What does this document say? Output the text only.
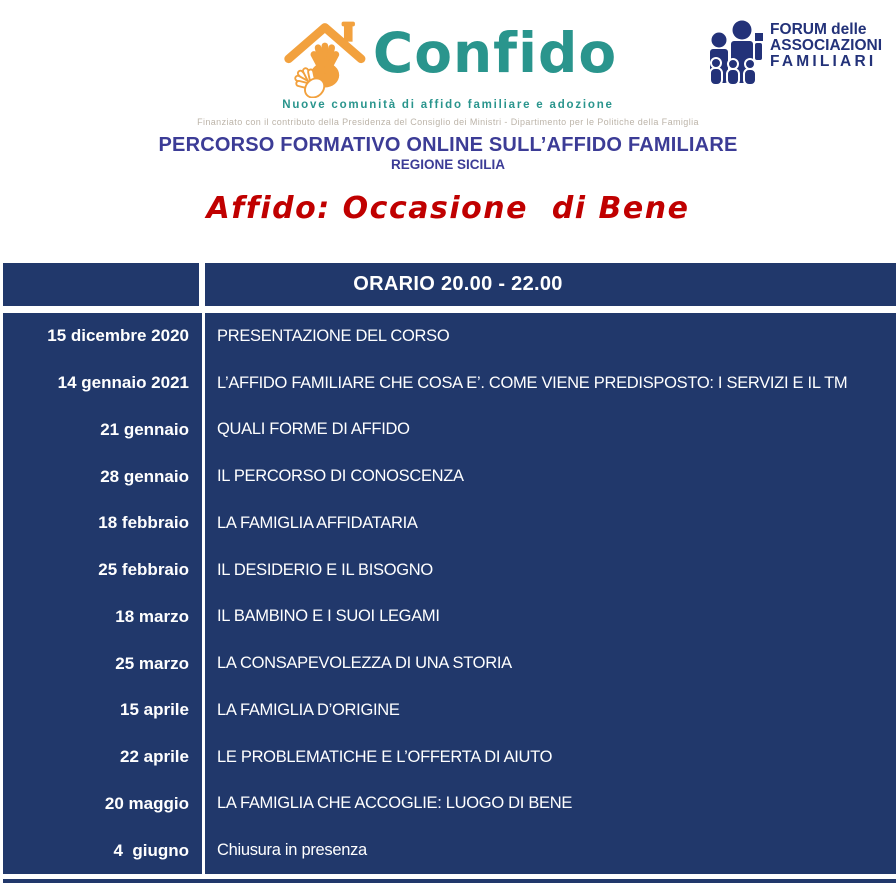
Confido
Nuove comunità di affido familiare e adozione
FORUM delle
ASSOCIAZIONI
FAMILIARI
Finanziato con il contributo della Presidenza del Consiglio dei Ministri - Dipartimento per le Politiche della Famiglia
PERCORSO FORMATIVO ONLINE SULL’AFFIDO FAMILIARE
REGIONE SICILIA
Affido: Occasione  di Bene
ORARIO 20.00 - 22.00
15 dicembre 2020	PRESENTAZIONE DEL CORSO
14 gennaio 2021	L’AFFIDO FAMILIARE CHE COSA E’. COME VIENE PREDISPOSTO: I SERVIZI E IL TM
21 gennaio	QUALI FORME DI AFFIDO
28 gennaio	IL PERCORSO DI CONOSCENZA
18 febbraio	LA FAMIGLIA AFFIDATARIA
25 febbraio	IL DESIDERIO E IL BISOGNO
18 marzo	IL BAMBINO E I SUOI LEGAMI
25 marzo	LA CONSAPEVOLEZZA DI UNA STORIA
15 aprile	LA FAMIGLIA D’ORIGINE
22 aprile	LE PROBLEMATICHE E L’OFFERTA DI AIUTO
20 maggio	LA FAMIGLIA CHE ACCOGLIE: LUOGO DI BENE
4  giugno	Chiusura in presenza
